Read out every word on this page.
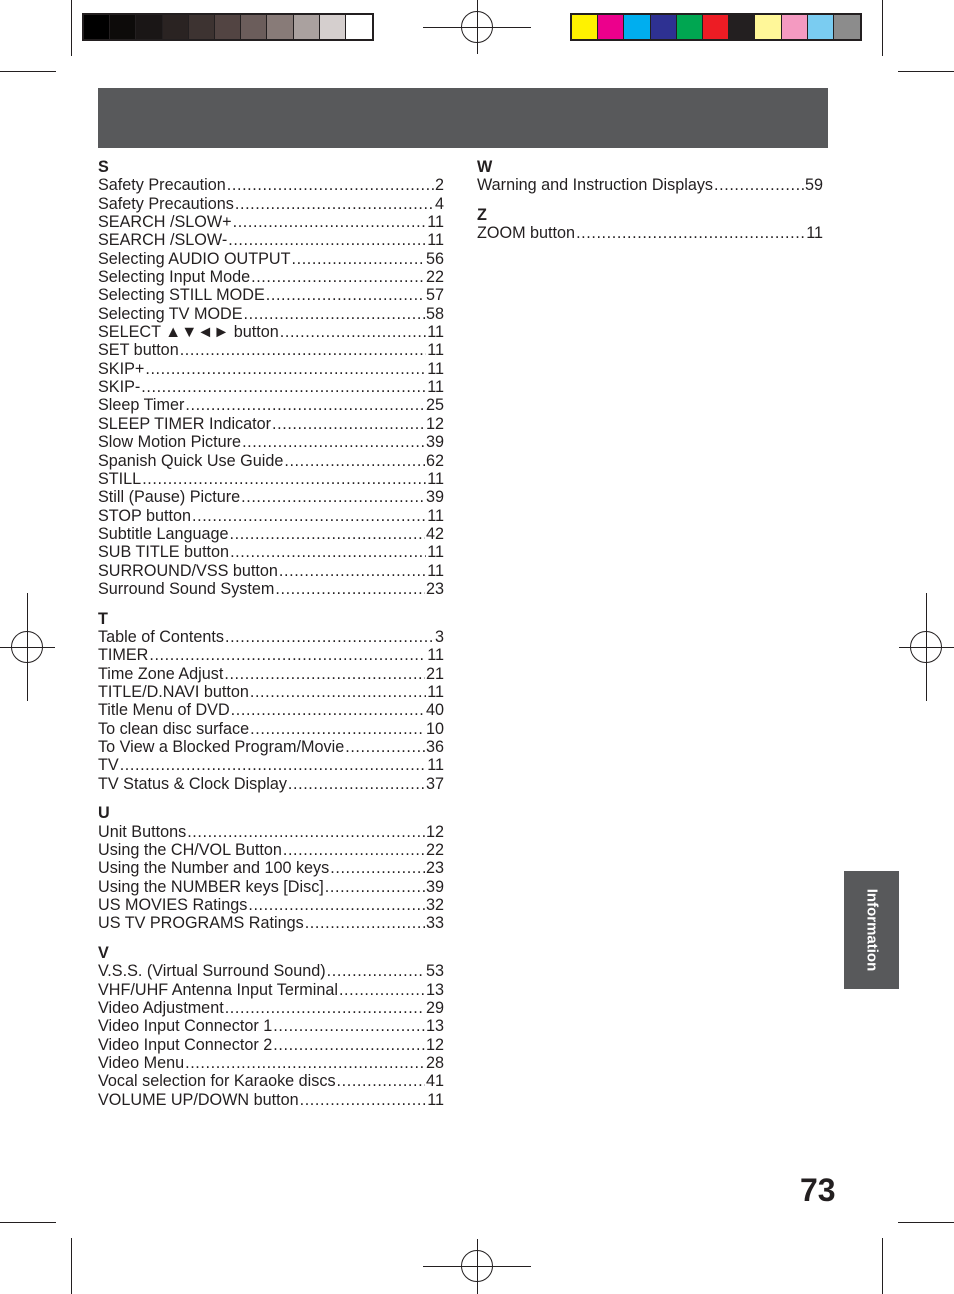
S
Safety Precaution .....	2
Safety Precautions .....	4
SEARCH /SLOW+ .....	11
SEARCH /SLOW- .....	11
Selecting AUDIO OUTPUT .....	56
Selecting Input Mode .....	22
Selecting STILL MODE .....	57
Selecting TV MODE .....	58
SELECT ▲▼◄► button .....	11
SET button .....	11
SKIP+ .....	11
SKIP- .....	11
Sleep Timer .....	25
SLEEP TIMER Indicator .....	12
Slow Motion Picture .....	39
Spanish Quick Use Guide .....	62
STILL .....	11
Still (Pause) Picture .....	39
STOP button .....	11
Subtitle Language .....	42
SUB TITLE button .....	11
SURROUND/VSS button .....	11
Surround Sound System .....	23
T
Table of Contents .....	3
TIMER .....	11
Time Zone Adjust .....	21
TITLE/D.NAVI button .....	11
Title Menu of DVD .....	40
To clean disc surface .....	10
To View a Blocked Program/Movie .....	36
TV .....	11
TV Status & Clock Display .....	37
U
Unit Buttons .....	12
Using the CH/VOL Button .....	22
Using the Number and 100 keys .....	23
Using the NUMBER keys [Disc] .....	39
US MOVIES Ratings .....	32
US TV PROGRAMS Ratings .....	33
V
V.S.S. (Virtual Surround Sound) .....	53
VHF/UHF Antenna Input Terminal .....	13
Video Adjustment .....	29
Video Input Connector 1 .....	13
Video Input Connector 2 .....	12
Video Menu .....	28
Vocal selection for Karaoke discs .....	41
VOLUME UP/DOWN button .....	11
W
Warning and Instruction Displays .....	59
Z
ZOOM button .....	11
Information
73
